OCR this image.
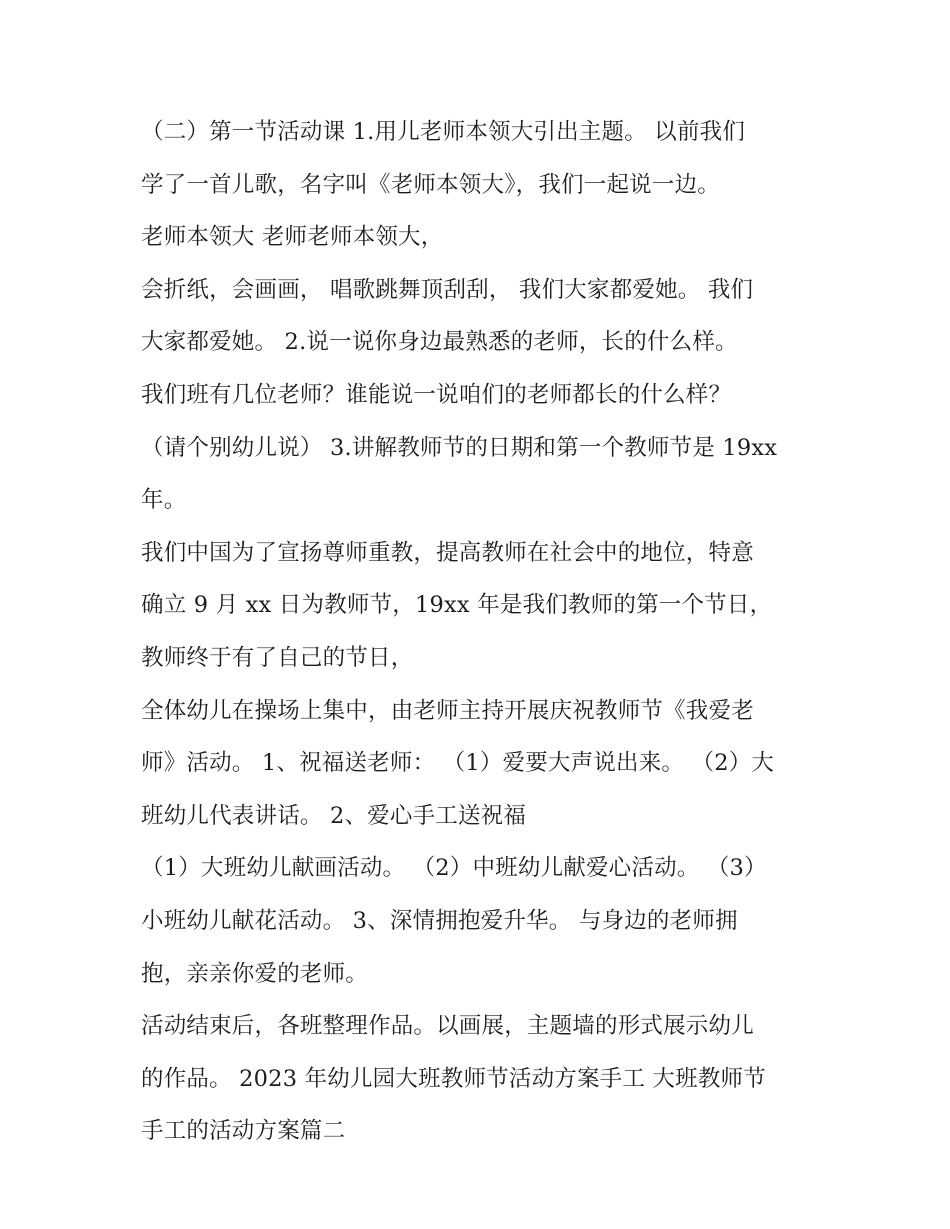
（二）第一节活动课 1.用儿老师本领大引出主题。 以前我们
学了一首儿歌，名字叫《老师本领大》，我们一起说一边。
老师本领大 老师老师本领大，
会折纸，会画画， 唱歌跳舞顶刮刮， 我们大家都爱她。 我们
大家都爱她。 2.说一说你身边最熟悉的老师，长的什么样。
我们班有几位老师？谁能说一说咱们的老师都长的什么样？
（请个别幼儿说） 3.讲解教师节的日期和第一个教师节是 19xx
年。
我们中国为了宣扬尊师重教，提高教师在社会中的地位，特意
确立 9 月 xx 日为教师节，19xx 年是我们教师的第一个节日，
教师终于有了自己的节日，
全体幼儿在操场上集中，由老师主持开展庆祝教师节《我爱老
师》活动。 1、祝福送老师： （1）爱要大声说出来。 （2）大
班幼儿代表讲话。 2、爱心手工送祝福
（1）大班幼儿献画活动。 （2）中班幼儿献爱心活动。 （3）
小班幼儿献花活动。 3、深情拥抱爱升华。 与身边的老师拥
抱，亲亲你爱的老师。
活动结束后，各班整理作品。以画展，主题墙的形式展示幼儿
的作品。 2023 年幼儿园大班教师节活动方案手工 大班教师节
手工的活动方案篇二
